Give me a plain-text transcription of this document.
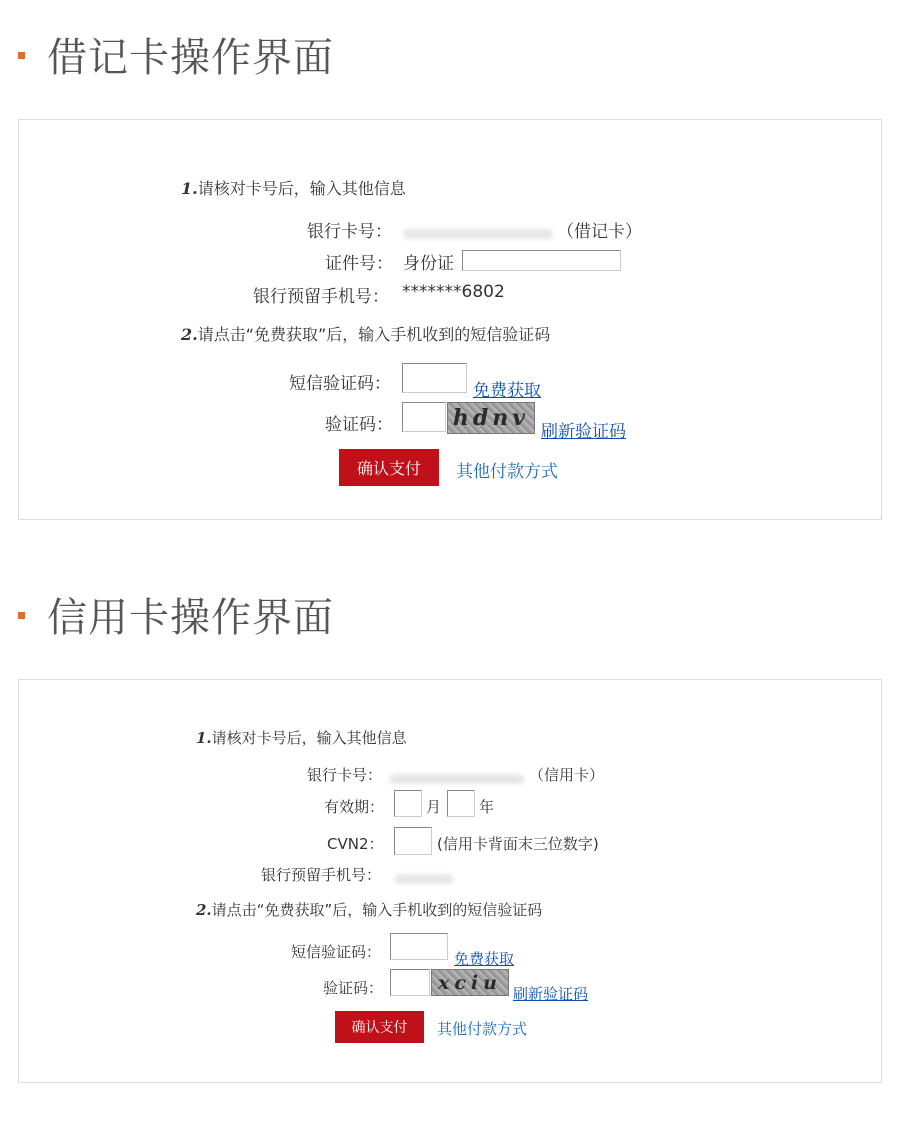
借记卡操作界面
1.请核对卡号后，输入其他信息
银行卡号：	（借记卡）
证件号： 身份证
银行预留手机号： *******6802
2.请点击“免费获取”后，输入手机收到的短信验证码
短信验证码：	免费获取
验证码：	hdnv
刷新验证码
确认支付	其他付款方式
信用卡操作界面
1.请核对卡号后，输入其他信息
银行卡号：	（信用卡）
有效期：	月	年
CVN2：	(信用卡背面末三位数字)
银行预留手机号：
2.请点击“免费获取”后，输入手机收到的短信验证码
短信验证码：	免费获取
验证码：	xciu
刷新验证码
确认支付	其他付款方式
